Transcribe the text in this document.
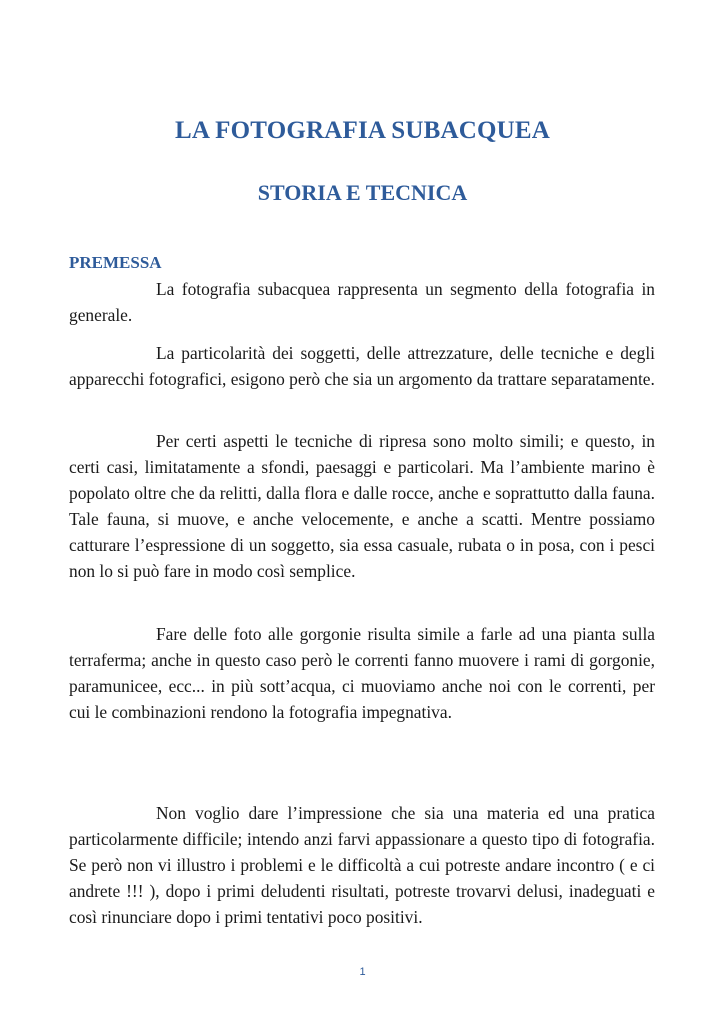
LA FOTOGRAFIA SUBACQUEA
STORIA E TECNICA
PREMESSA

La fotografia subacquea rappresenta un segmento della fotografia in generale.

La particolarità dei soggetti, delle attrezzature, delle tecniche e degli apparecchi fotografici, esigono però che sia un argomento da trattare separatamente.

Per certi aspetti le tecniche di ripresa sono molto simili; e questo, in certi casi, limitatamente a sfondi, paesaggi e particolari. Ma l’ambiente marino è popolato oltre che da relitti, dalla flora e dalle rocce, anche e soprattutto dalla fauna. Tale fauna, si muove, e anche velocemente, e anche a scatti. Mentre possiamo catturare l’espressione di un soggetto, sia essa casuale, rubata o in posa, con i pesci non lo si può fare in modo così semplice.

Fare delle foto alle gorgonie risulta simile a farle ad una pianta sulla terraferma; anche in questo caso però le correnti fanno muovere i rami di gorgonie, paramunicee, ecc... in più sott’acqua, ci muoviamo anche noi con le correnti, per cui le combinazioni rendono la fotografia impegnativa.

Non voglio dare l’impressione che sia una materia ed una pratica particolarmente difficile; intendo anzi farvi appassionare a questo tipo di fotografia. Se però non vi illustro i problemi e le difficoltà a cui potreste andare incontro ( e ci andrete !!! ), dopo i primi deludenti risultati, potreste trovarvi delusi, inadeguati e così rinunciare dopo i primi tentativi poco positivi.

1
